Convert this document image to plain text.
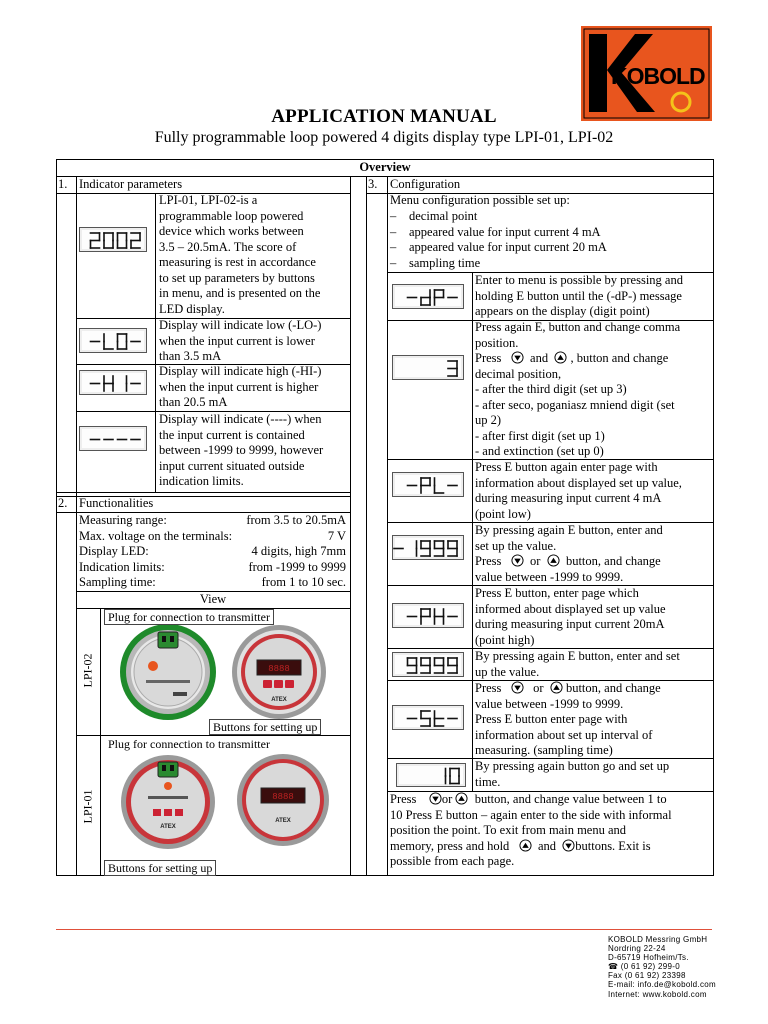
KOBOLD
APPLICATION MANUAL
Fully programmable loop powered 4 digits display type LPI-01, LPI-02
Overview
1. Indicator parameters	3. Configuration
LPI-01, LPI-02-is a
programmable loop powered
device which works between
3.5 – 20.5mA. The score of
measuring is rest in accordance
to set up parameters by buttons
in menu, and is presented on the
LED display.
Display will indicate low (-LO-)
when the input current is lower
than 3.5 mA
Display will indicate high (-HI-)
when the input current is higher
than 20.5 mA
Display will indicate (----) when
the input current is contained
between -1999 to 9999, however
input current situated outside
indication limits.
2. Functionalities
Measuring range:	from 3.5 to 20.5mA
Max. voltage on the terminals:	7 V
Display LED:	4 digits, high 7mm
Indication limits:	from -1999 to 9999
Sampling time:	from 1 to 10 sec.
View
LPI-02
LPI-01
Plug for connection to transmitter
8888
ATEX
Buttons for setting up
ATEX
Plug for connection to transmitter
8888
ATEX
Buttons for setting up
Menu configuration possible set up:
– decimal point
– appeared value for input current 4 mA
– appeared value for input current 20 mA
– sampling time
Enter to menu is possible by pressing and
holding E button until the (-dP-) message
appears on the display (digit point)
Press again E, button and change comma
position.
Press and , button and change
decimal position,
- after the third digit (set up 3)
- after seco, poganiasz mniend digit (set
up 2)
- after first digit (set up 1)
- and extinction (set up 0)
Press E button again enter page with
information about displayed set up value,
during measuring input current 4 mA
(point low)
By pressing again E button, enter and
set up the value.
Press or button, and change
value between -1999 to 9999.
Press E button, enter page which
informed about displayed set up value
during measuring input current 20mA
(point high)
By pressing again E button, enter and set
up the value.
Press	or button, and change
value between -1999 to 9999.
Press E button enter page with
information about set up interval of
measuring. (sampling time)
By pressing again button go and set up
time.
Press or button, and change value between 1 to
10 Press E button – again enter to the side with informal
position the point. To exit from main menu and
memory, press and hold and buttons. Exit is
possible from each page.
KOBOLD Messring GmbH
Nordring 22-24
D-65719 Hofheim/Ts.
☎ (0 61 92) 299-0
Fax (0 61 92) 23398
E-mail: info.de@kobold.com
Internet: www.kobold.com
